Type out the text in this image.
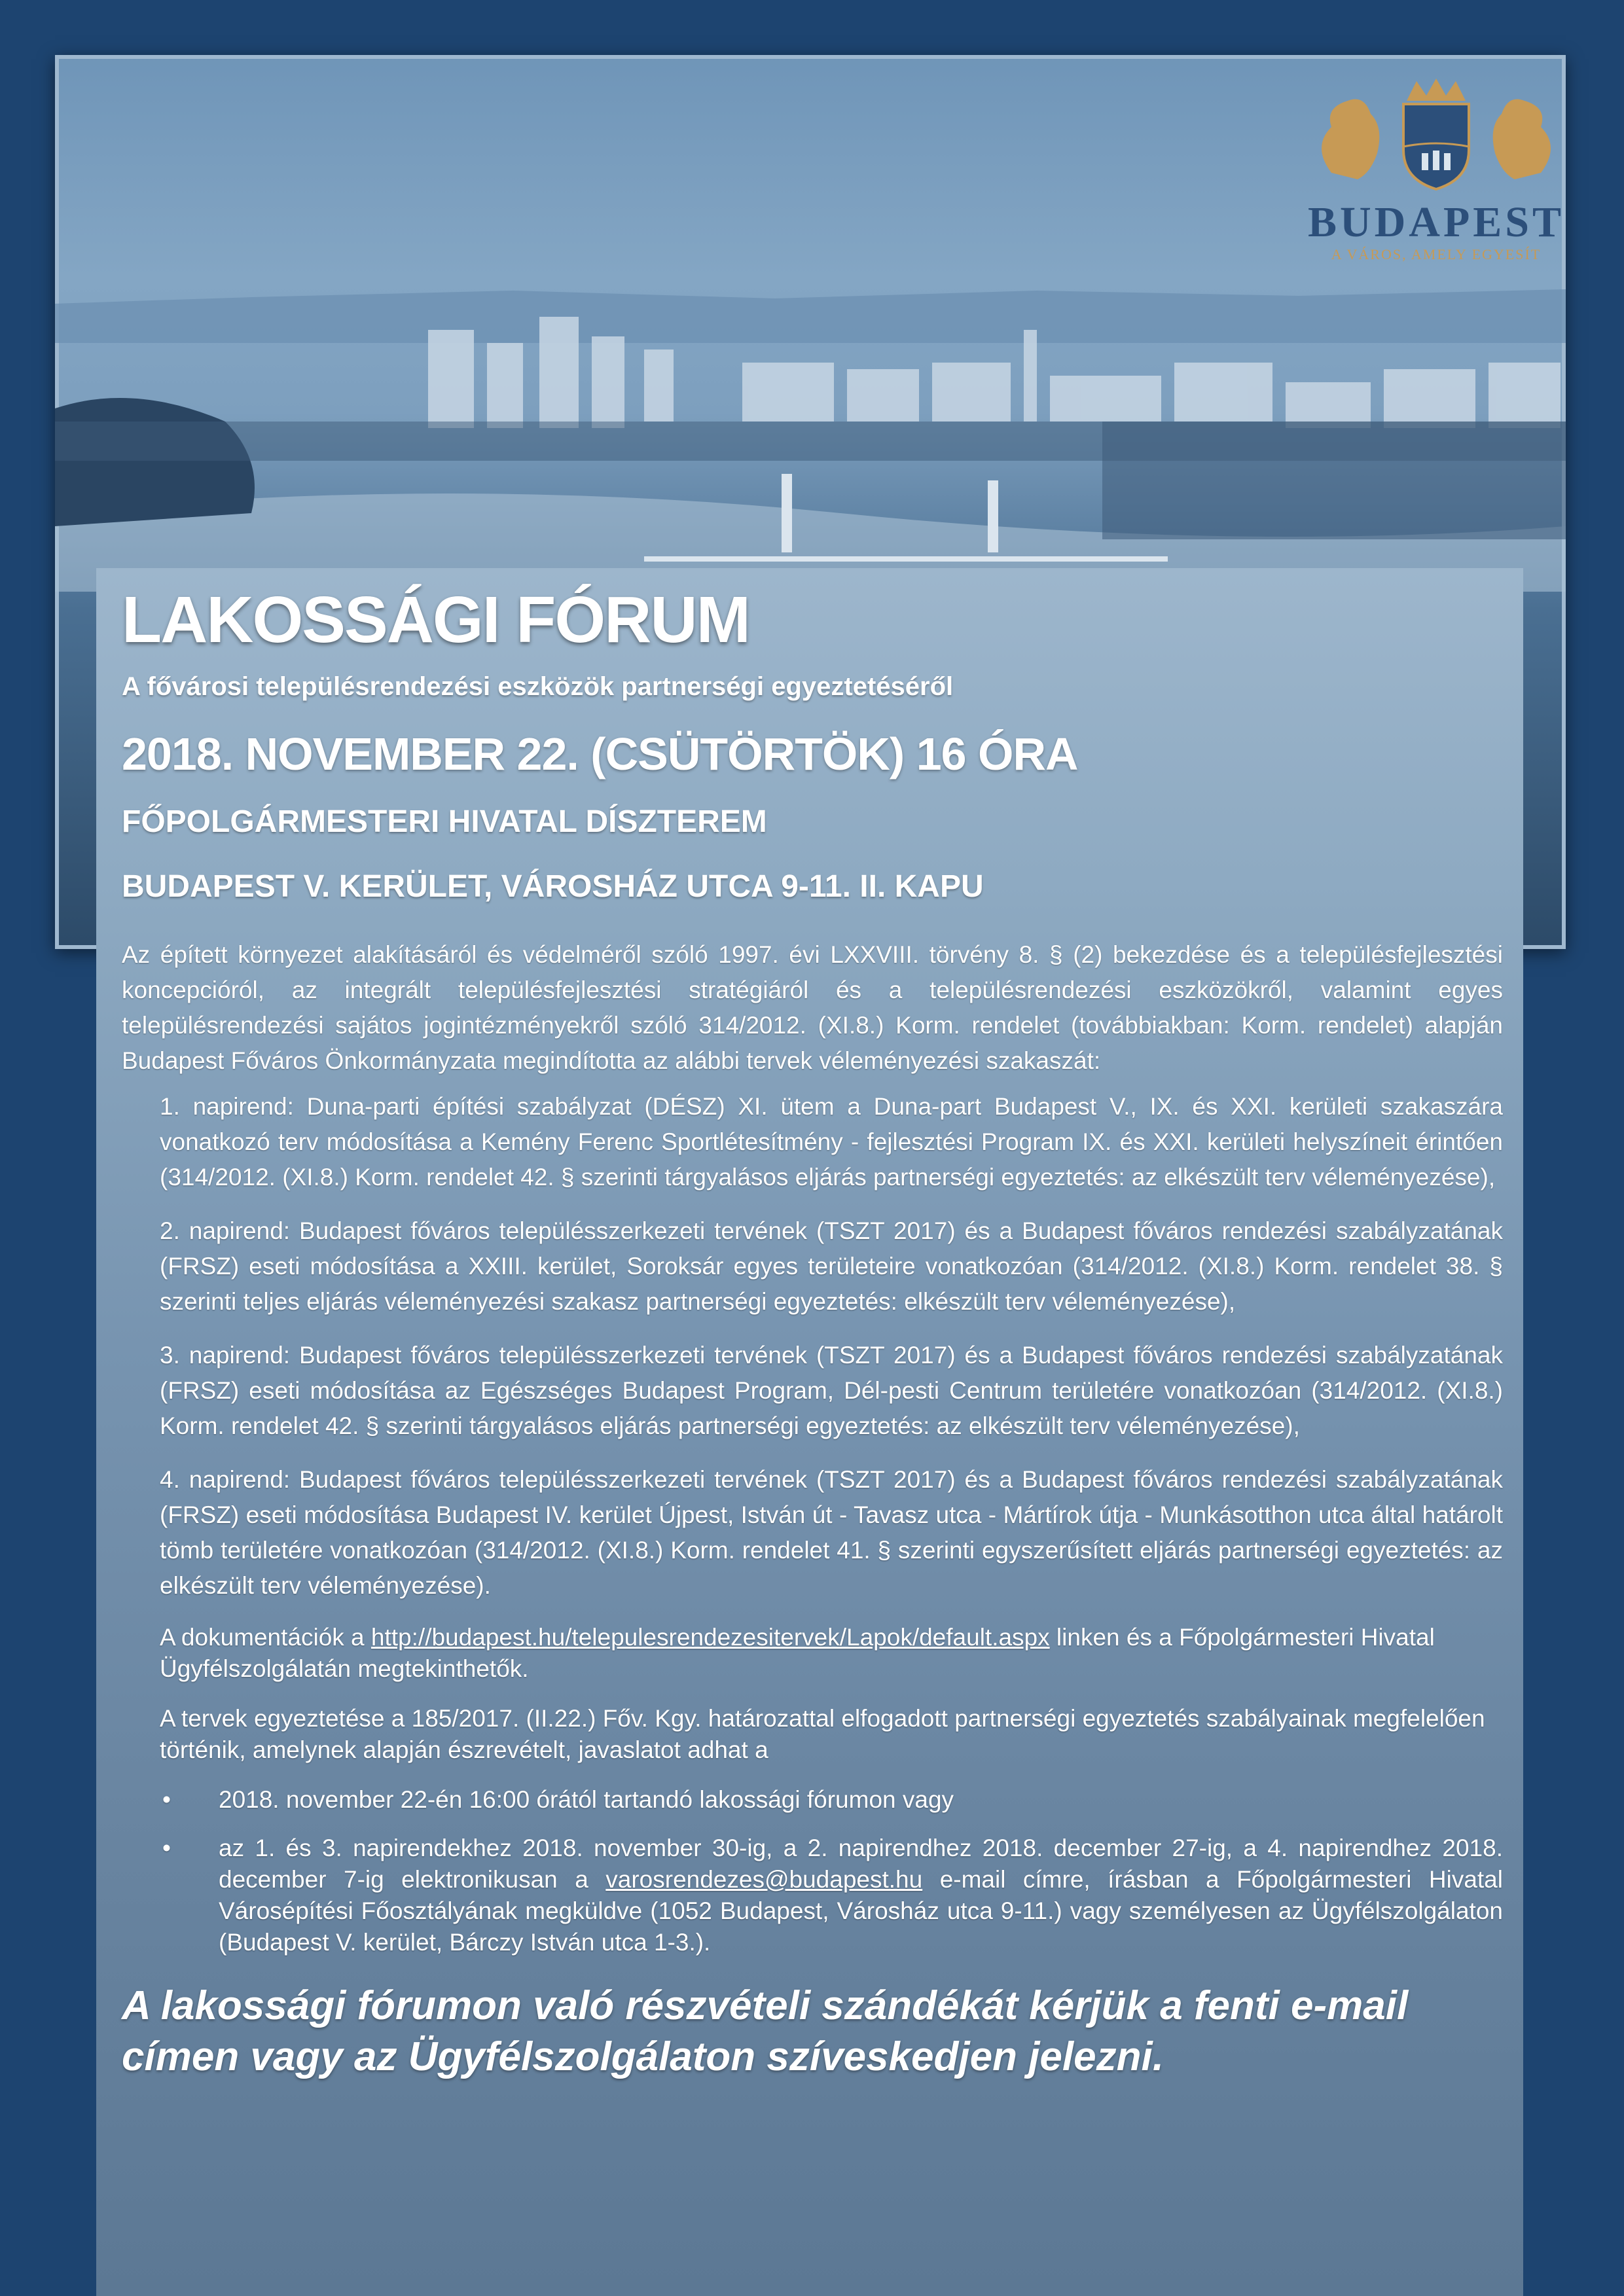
BUDAPEST
A VÁROS, AMELY EGYESÍT
LAKOSSÁGI FÓRUM
A fővárosi településrendezési eszközök partnerségi egyeztetéséről
2018. NOVEMBER 22. (CSÜTÖRTÖK) 16 ÓRA
FŐPOLGÁRMESTERI HIVATAL DÍSZTEREM
BUDAPEST V. KERÜLET, VÁROSHÁZ UTCA 9-11. II. KAPU
Az épített környezet alakításáról és védelméről szóló 1997. évi LXXVIII. törvény 8. § (2) bekezdése és a településfejlesztési koncepcióról, az integrált településfejlesztési stratégiáról és a településrendezési eszközökről, valamint egyes településrendezési sajátos jogintézményekről szóló 314/2012. (XI.8.) Korm. rendelet (továbbiakban: Korm. rendelet) alapján Budapest Főváros Önkormányzata megindította az alábbi tervek véleményezési szakaszát:
1. napirend: Duna-parti építési szabályzat (DÉSZ) XI. ütem a Duna-part Budapest V., IX. és XXI. kerületi szakaszára vonatkozó terv módosítása a Kemény Ferenc Sportlétesítmény - fejlesztési Program IX. és XXI. kerületi helyszíneit érintően (314/2012. (XI.8.) Korm. rendelet 42. § szerinti tárgyalásos eljárás partnerségi egyeztetés: az elkészült terv véleményezése),
2. napirend: Budapest főváros településszerkezeti tervének (TSZT 2017) és a Budapest főváros rendezési szabályzatának (FRSZ) eseti módosítása a XXIII. kerület, Soroksár egyes területeire vonatkozóan (314/2012. (XI.8.) Korm. rendelet 38. § szerinti teljes eljárás véleményezési szakasz partnerségi egyeztetés: elkészült terv véleményezése),
3. napirend: Budapest főváros településszerkezeti tervének (TSZT 2017) és a Budapest főváros rendezési szabályzatának (FRSZ) eseti módosítása az Egészséges Budapest Program, Dél-pesti Centrum területére vonatkozóan (314/2012. (XI.8.) Korm. rendelet 42. § szerinti tárgyalásos eljárás partnerségi egyeztetés: az elkészült terv véleményezése),
4. napirend: Budapest főváros településszerkezeti tervének (TSZT 2017) és a Budapest főváros rendezési szabályzatának (FRSZ) eseti módosítása Budapest IV. kerület Újpest, István út - Tavasz utca - Mártírok útja - Munkásotthon utca által határolt tömb területére vonatkozóan (314/2012. (XI.8.) Korm. rendelet 41. § szerinti egyszerűsített eljárás partnerségi egyeztetés: az elkészült terv véleményezése).
A dokumentációk a http://budapest.hu/telepulesrendezesitervek/Lapok/default.aspx linken és a Főpolgármesteri Hivatal Ügyfélszolgálatán megtekinthetők.
A tervek egyeztetése a 185/2017. (II.22.) Főv. Kgy. határozattal elfogadott partnerségi egyeztetés szabályainak megfelelően történik, amelynek alapján észrevételt, javaslatot adhat a
• 2018. november 22-én 16:00 órától tartandó lakossági fórumon vagy
• az 1. és 3. napirendekhez 2018. november 30-ig, a 2. napirendhez 2018. december 27-ig, a 4. napirendhez 2018. december 7-ig elektronikusan a varosrendezes@budapest.hu e-mail címre, írásban a Főpolgármesteri Hivatal Városépítési Főosztályának megküldve (1052 Budapest, Városház utca 9-11.) vagy személyesen az Ügyfélszolgálaton (Budapest V. kerület, Bárczy István utca 1-3.).
A lakossági fórumon való részvételi szándékát kérjük a fenti e-mail címen vagy az Ügyfélszolgálaton szíveskedjen jelezni.
